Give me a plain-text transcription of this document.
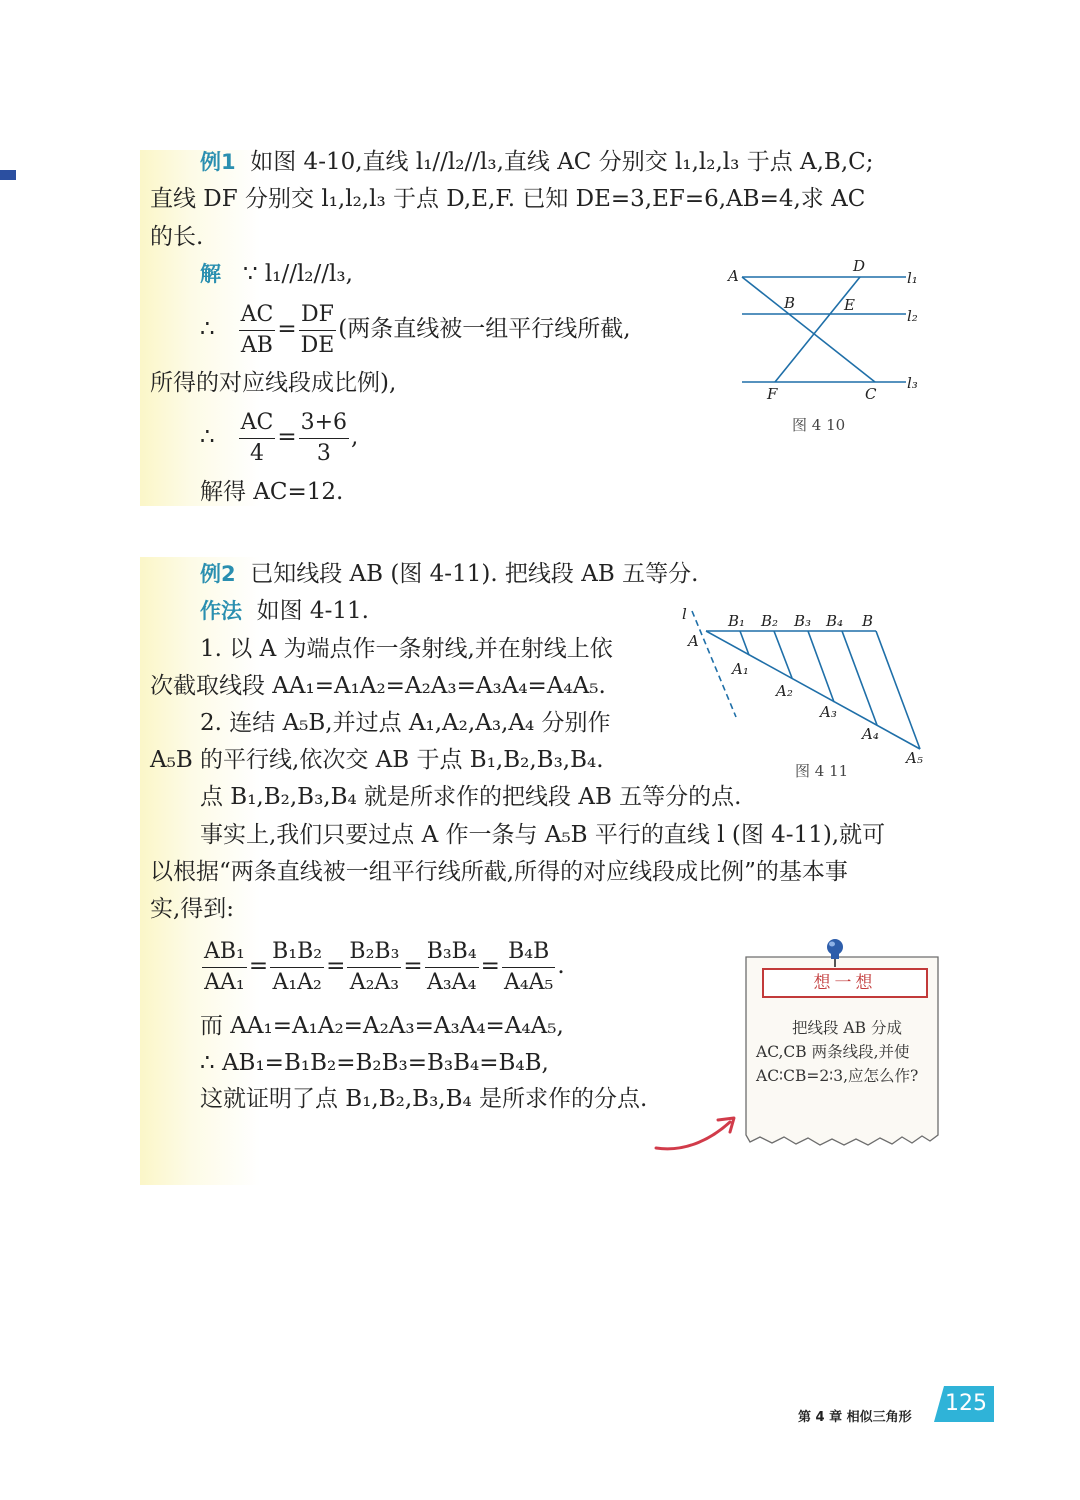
例1 如图 4-10,直线 l₁//l₂//l₃,直线 AC 分别交 l₁,l₂,l₃ 于点 A,B,C;
直线 DF 分别交 l₁,l₂,l₃ 于点 D,E,F. 已知 DE=3,EF=6,AB=4,求 AC
的长.
解 ∵ l₁//l₂//l₃,
∴ $\frac{AC}{AB} = \frac{DF}{DE}$ (两条直线被一组平行线所截,
所得的对应线段成比例),
∴ $\frac{AC}{4} = \frac{3+6}{3}$ ,
解得 AC=12.
A
D
l₁
B	E
l₂
F	C
l₃
图 4 10
例2 已知线段 AB (图 4-11). 把线段 AB 五等分.
作法 如图 4-11.
1. 以 A 为端点作一条射线,并在射线上依
次截取线段 AA₁=A₁A₂=A₂A₃=A₃A₄=A₄A₅.
2. 连结 A₅B,并过点 A₁,A₂,A₃,A₄ 分别作
A₅B 的平行线,依次交 AB 于点 B₁,B₂,B₃,B₄.
点 B₁,B₂,B₃,B₄ 就是所求作的把线段 AB 五等分的点.
事实上,我们只要过点 A 作一条与 A₅B 平行的直线 l (图 4-11),就可
以根据“两条直线被一组平行线所截,所得的对应线段成比例”的基本事
实,得到:
$\frac{\text{AB₁}}{\text{AA₁}} = \frac{\text{B₁B₂}}{\text{A₁A₂}} = \frac{\text{B₂B₃}}{\text{A₂A₃}} = \frac{\text{B₃B₄}}{\text{A₃A₄}} = \frac{\text{B₄B}}{\text{A₄A₅}}$ .
而 AA₁=A₁A₂=A₂A₃=A₃A₄=A₄A₅,
∴ AB₁=B₁B₂=B₂B₃=B₃B₄=B₄B,
这就证明了点 B₁,B₂,B₃,B₄ 是所求作的分点.
l
A
B₁ B₂ B₃ B₄ B
A₁
A₂
A₃
A₄
A₅
图 4 11
想一想
把线段 AB 分成 AC,CB 两条线段,并使 AC∶CB=2∶3,应怎么作?
第 4 章 相似三角形
125
